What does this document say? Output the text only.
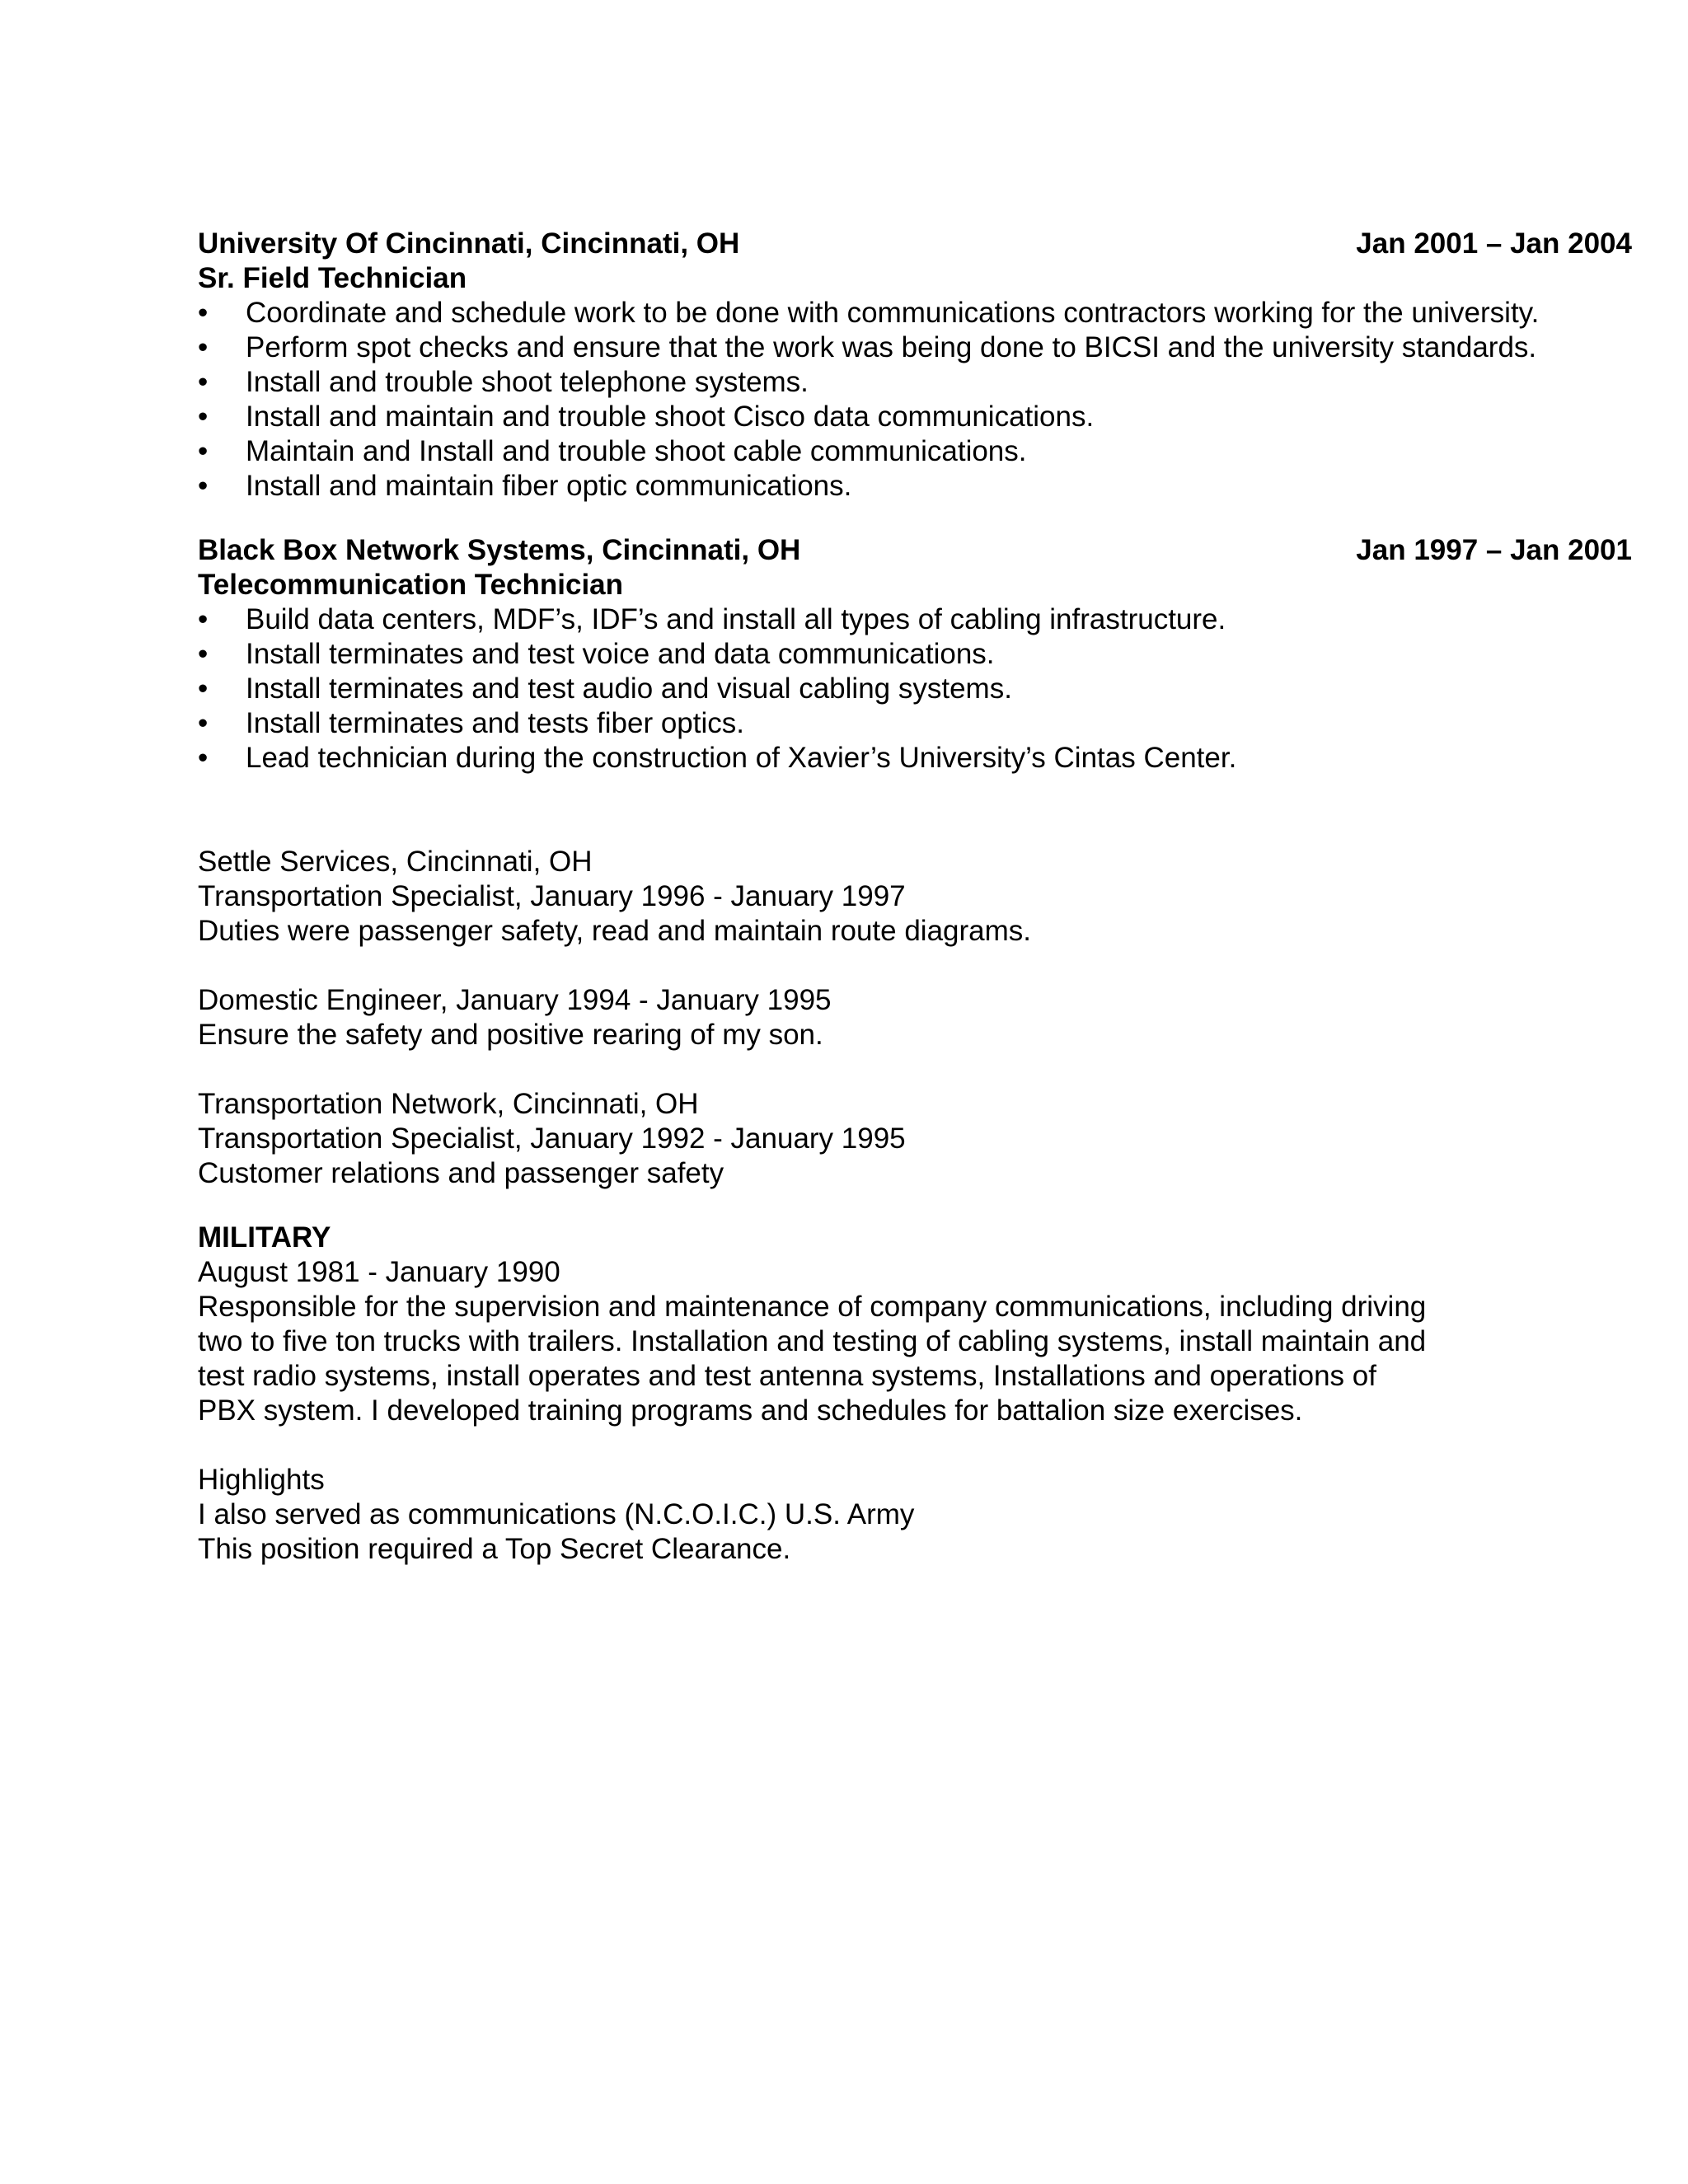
University Of Cincinnati, Cincinnati, OH	Jan 2001 – Jan 2004
Sr. Field Technician
• Coordinate and schedule work to be done with communications contractors working for the university.
• Perform spot checks and ensure that the work was being done to BICSI and the university standards.
• Install and trouble shoot telephone systems.
• Install and maintain and trouble shoot Cisco data communications.
• Maintain and Install and trouble shoot cable communications.
• Install and maintain fiber optic communications.
Black Box Network Systems, Cincinnati, OH	Jan 1997 – Jan 2001
Telecommunication Technician
• Build data centers, MDF’s, IDF’s and install all types of cabling infrastructure.
• Install terminates and test voice and data communications.
• Install terminates and test audio and visual cabling systems.
• Install terminates and tests fiber optics.
• Lead technician during the construction of Xavier’s University’s Cintas Center.
Settle Services, Cincinnati, OH
Transportation Specialist, January 1996 - January 1997
Duties were passenger safety, read and maintain route diagrams.
Domestic Engineer, January 1994 - January 1995
Ensure the safety and positive rearing of my son.
Transportation Network, Cincinnati, OH
Transportation Specialist, January 1992 - January 1995
Customer relations and passenger safety
MILITARY
August 1981 - January 1990
Responsible for the supervision and maintenance of company communications, including driving two to five ton trucks with trailers. Installation and testing of cabling systems, install maintain and test radio systems, install operates and test antenna systems, Installations and operations of PBX system. I developed training programs and schedules for battalion size exercises.
Highlights
I also served as communications (N.C.O.I.C.) U.S. Army
This position required a Top Secret Clearance.
